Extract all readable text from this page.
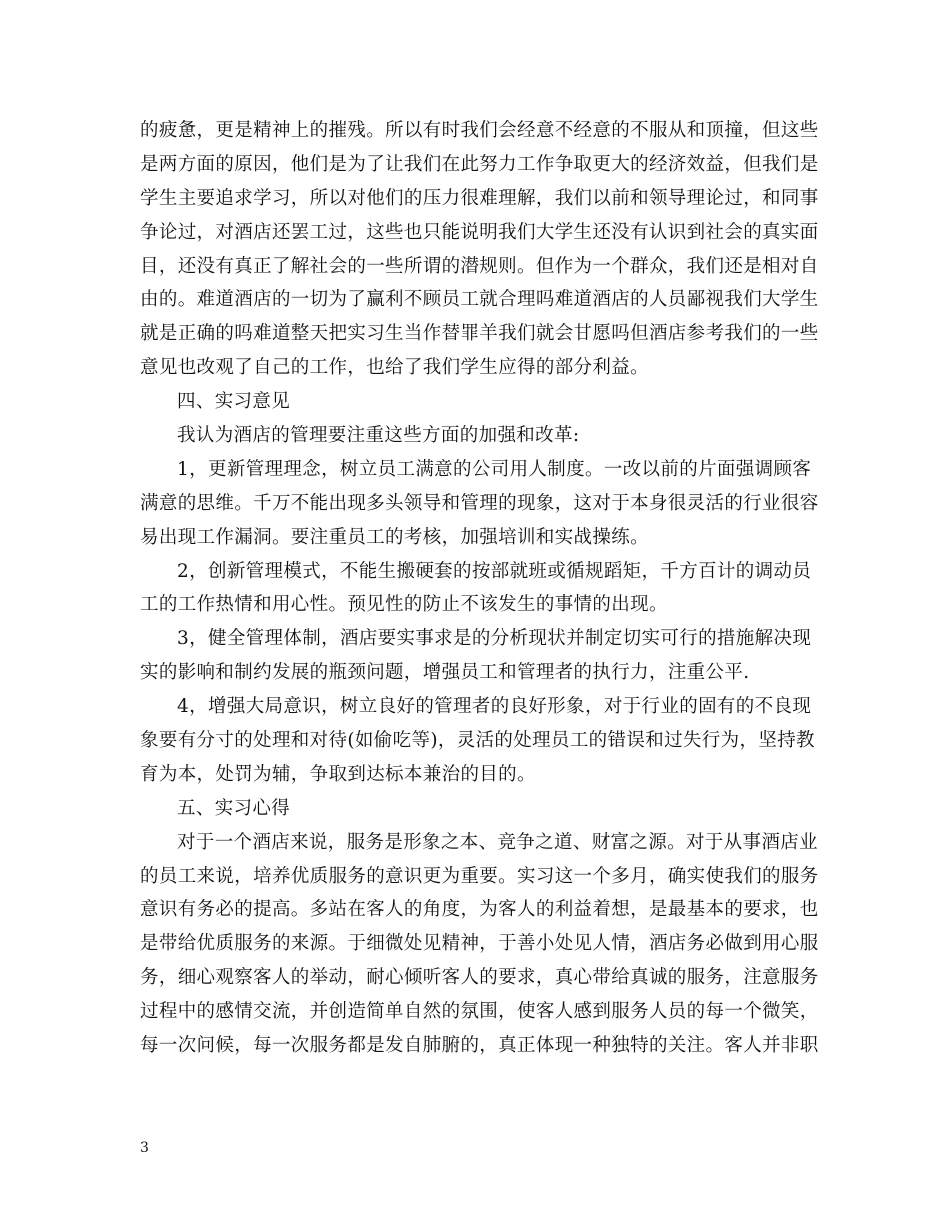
的疲惫，更是精神上的摧残。所以有时我们会经意不经意的不服从和顶撞，但这些
是两方面的原因，他们是为了让我们在此努力工作争取更大的经济效益，但我们是
学生主要追求学习，所以对他们的压力很难理解，我们以前和领导理论过，和同事
争论过，对酒店还罢工过，这些也只能说明我们大学生还没有认识到社会的真实面
目，还没有真正了解社会的一些所谓的潜规则。但作为一个群众，我们还是相对自
由的。难道酒店的一切为了赢利不顾员工就合理吗难道酒店的人员鄙视我们大学生
就是正确的吗难道整天把实习生当作替罪羊我们就会甘愿吗但酒店参考我们的一些
意见也改观了自己的工作，也给了我们学生应得的部分利益。
四、实习意见
我认为酒店的管理要注重这些方面的加强和改革:
1，更新管理理念，树立员工满意的公司用人制度。一改以前的片面强调顾客
满意的思维。千万不能出现多头领导和管理的现象，这对于本身很灵活的行业很容
易出现工作漏洞。要注重员工的考核，加强培训和实战操练。
2，创新管理模式，不能生搬硬套的按部就班或循规蹈矩，千方百计的调动员
工的工作热情和用心性。预见性的防止不该发生的事情的出现。
3，健全管理体制，酒店要实事求是的分析现状并制定切实可行的措施解决现
实的影响和制约发展的瓶颈问题，增强员工和管理者的执行力，注重公平.
4，增强大局意识，树立良好的管理者的良好形象，对于行业的固有的不良现
象要有分寸的处理和对待(如偷吃等)，灵活的处理员工的错误和过失行为，坚持教
育为本，处罚为辅，争取到达标本兼治的目的。
五、实习心得
对于一个酒店来说，服务是形象之本、竞争之道、财富之源。对于从事酒店业
的员工来说，培养优质服务的意识更为重要。实习这一个多月，确实使我们的服务
意识有务必的提高。多站在客人的角度，为客人的利益着想，是最基本的要求，也
是带给优质服务的来源。于细微处见精神，于善小处见人情，酒店务必做到用心服
务，细心观察客人的举动，耐心倾听客人的要求，真心带给真诚的服务，注意服务
过程中的感情交流，并创造简单自然的氛围，使客人感到服务人员的每一个微笑，
每一次问候，每一次服务都是发自肺腑的，真正体现一种独特的关注。客人并非职
3
